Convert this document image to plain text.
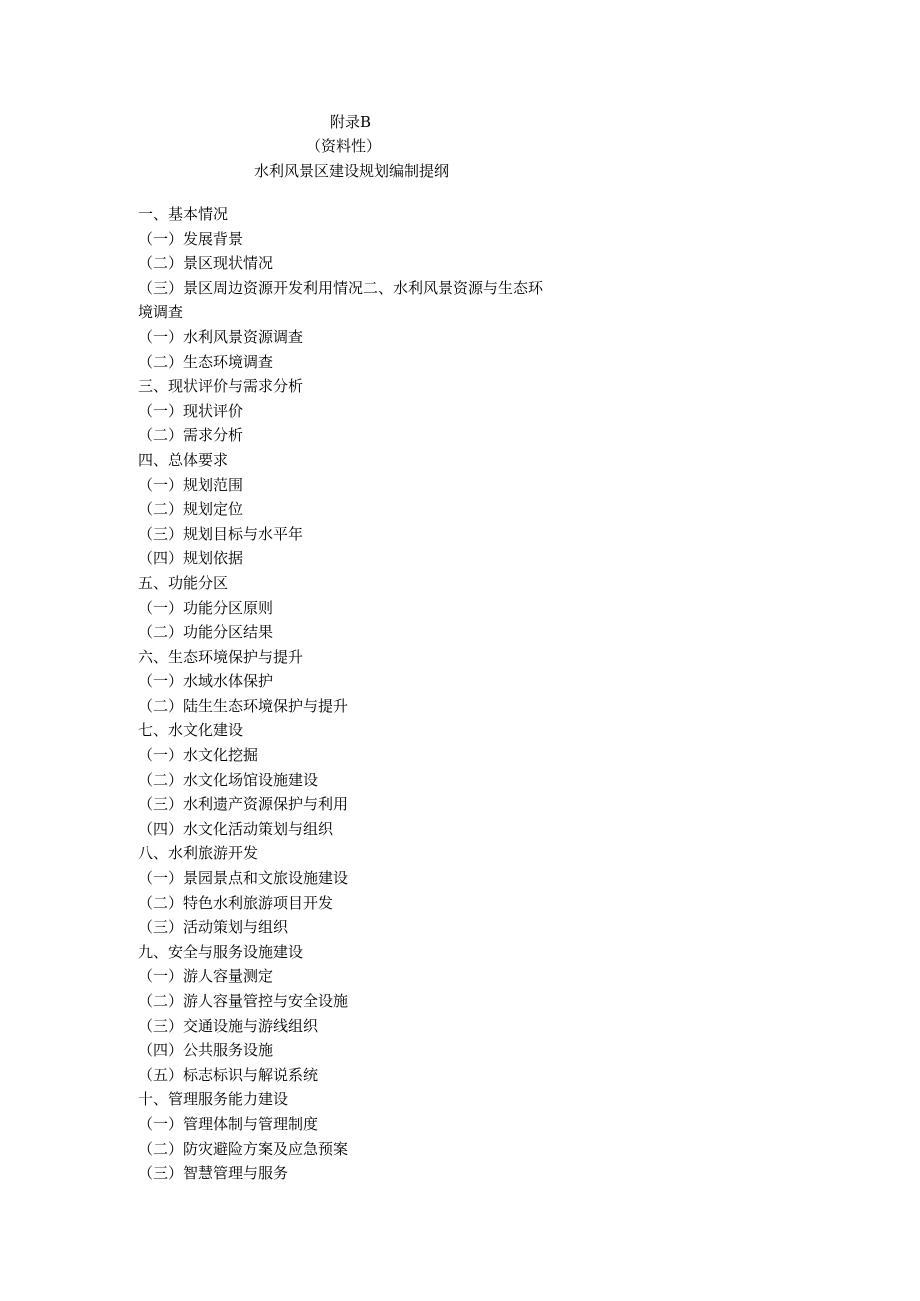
附录B
（资料性）
水利风景区建设规划编制提纲
一、基本情况
（一）发展背景
（二）景区现状情况
（三）景区周边资源开发利用情况二、水利风景资源与生态环
境调查
（一）水利风景资源调查
（二）生态环境调查
三、现状评价与需求分析
（一）现状评价
（二）需求分析
四、总体要求
（一）规划范围
（二）规划定位
（三）规划目标与水平年
（四）规划依据
五、功能分区
（一）功能分区原则
（二）功能分区结果
六、生态环境保护与提升
（一）水域水体保护
（二）陆生生态环境保护与提升
七、水文化建设
（一）水文化挖掘
（二）水文化场馆设施建设
（三）水利遗产资源保护与利用
（四）水文化活动策划与组织
八、水利旅游开发
（一）景园景点和文旅设施建设
（二）特色水利旅游项目开发
（三）活动策划与组织
九、安全与服务设施建设
（一）游人容量测定
（二）游人容量管控与安全设施
（三）交通设施与游线组织
（四）公共服务设施
（五）标志标识与解说系统
十、管理服务能力建设
（一）管理体制与管理制度
（二）防灾避险方案及应急预案
（三）智慧管理与服务
